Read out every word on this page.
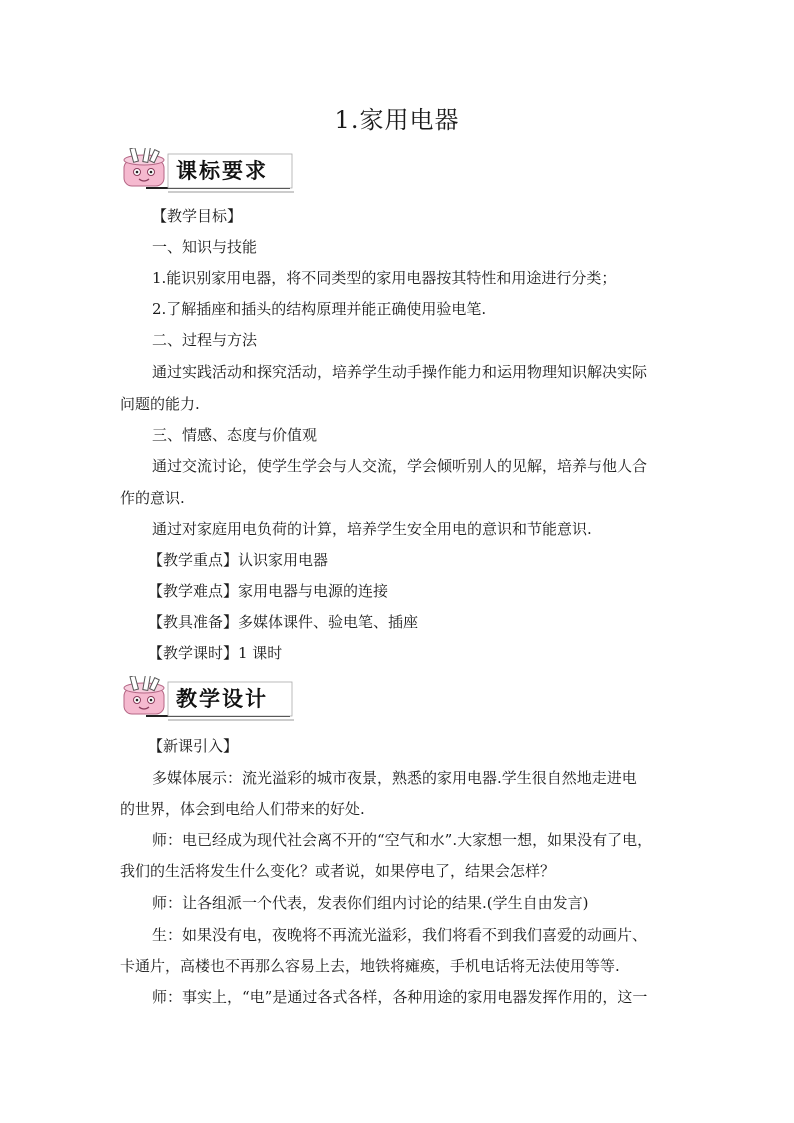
1.家用电器
课标要求
【教学目标】
一、知识与技能
1.能识别家用电器，将不同类型的家用电器按其特性和用途进行分类；
2.了解插座和插头的结构原理并能正确使用验电笔.
二、过程与方法
通过实践活动和探究活动，培养学生动手操作能力和运用物理知识解决实际
问题的能力.
三、情感、态度与价值观
通过交流讨论，使学生学会与人交流，学会倾听别人的见解，培养与他人合
作的意识.
通过对家庭用电负荷的计算，培养学生安全用电的意识和节能意识.
【教学重点】认识家用电器
【教学难点】家用电器与电源的连接
【教具准备】多媒体课件、验电笔、插座
【教学课时】1 课时
教学设计
【新课引入】
多媒体展示：流光溢彩的城市夜景，熟悉的家用电器.学生很自然地走进电
的世界，体会到电给人们带来的好处.
师：电已经成为现代社会离不开的“空气和水”.大家想一想，如果没有了电，
我们的生活将发生什么变化？或者说，如果停电了，结果会怎样？
师：让各组派一个代表，发表你们组内讨论的结果.(学生自由发言)
生：如果没有电，夜晚将不再流光溢彩，我们将看不到我们喜爱的动画片、
卡通片，高楼也不再那么容易上去，地铁将瘫痪，手机电话将无法使用等等.
师：事实上，“电”是通过各式各样，各种用途的家用电器发挥作用的，这一
